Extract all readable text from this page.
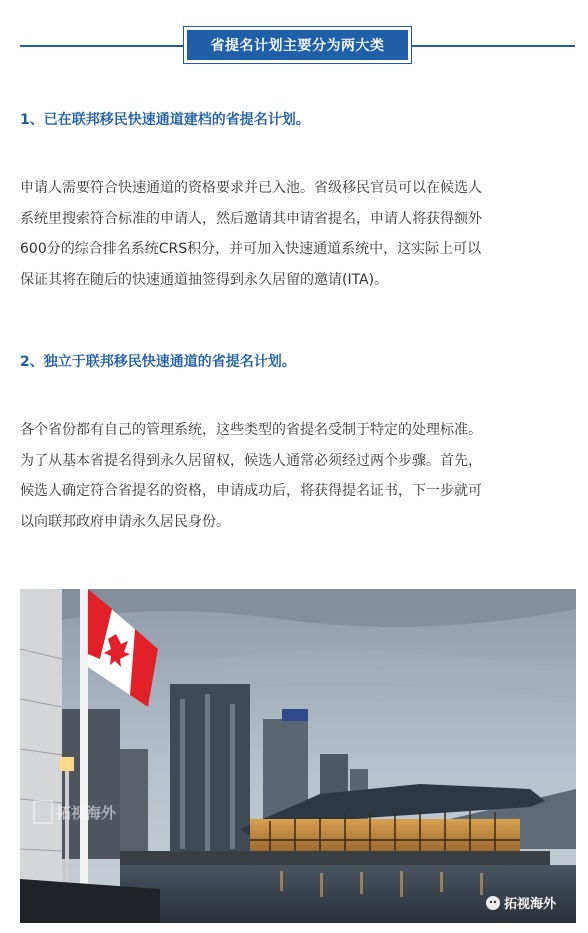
省提名计划主要分为两大类
1、已在联邦移民快速通道建档的省提名计划。
申请人需要符合快速通道的资格要求并已入池。省级移民官员可以在候选人
系统里搜索符合标准的申请人，然后邀请其申请省提名，申请人将获得额外
600分的综合排名系统CRS积分，并可加入快速通道系统中，这实际上可以
保证其将在随后的快速通道抽签得到永久居留的邀请(ITA)。
2、独立于联邦移民快速通道的省提名计划。
各个省份都有自己的管理系统，这些类型的省提名受制于特定的处理标准。
为了从基本省提名得到永久居留权，候选人通常必须经过两个步骤。首先，
候选人确定符合省提名的资格，申请成功后，将获得提名证书，下一步就可
以向联邦政府申请永久居民身份。
拓视海外
拓视海外
